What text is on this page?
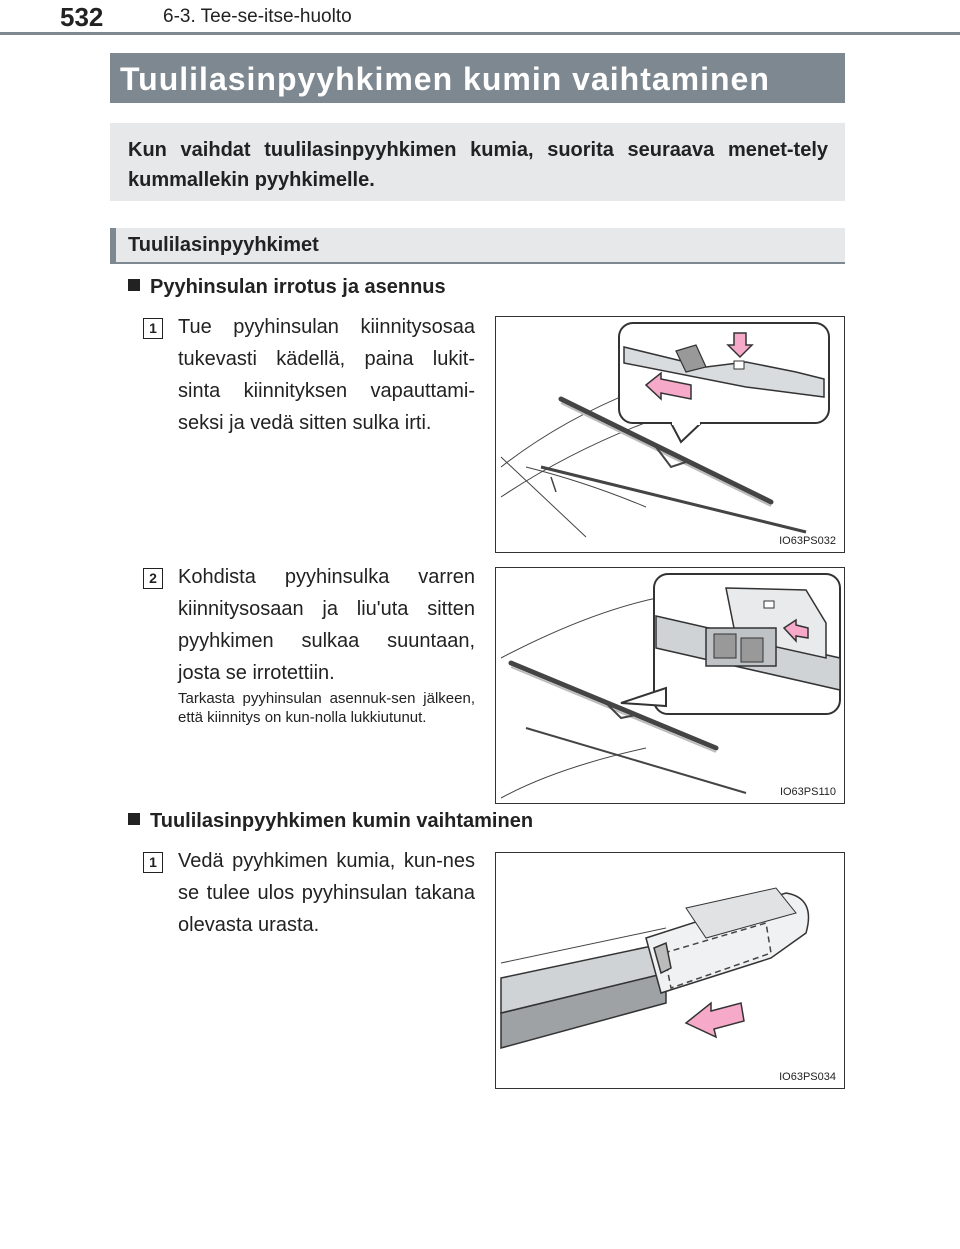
532	6-3. Tee-se-itse-huolto
Tuulilasinpyyhkimen kumin vaihtaminen

Kun vaihdat tuulilasinpyyhkimen kumia, suorita seuraava menet-tely kummallekin pyyhkimelle.

Tuulilasinpyyhkimet
Pyyhinsulan irrotus ja asennus
1	Tue pyyhinsulan kiinnitysosaa tukevasti kädellä, paina lukit-sinta kiinnityksen vapauttami-seksi ja vedä sitten sulka irti.
IO63PS032
2	Kohdista pyyhinsulka varren kiinnitysosaan ja liu'uta sitten pyyhkimen sulkaa suuntaan, josta se irrotettiin.
Tarkasta pyyhinsulan asennuk-sen jälkeen, että kiinnitys on kun-nolla lukkiutunut.
IO63PS110
Tuulilasinpyyhkimen kumin vaihtaminen
1	Vedä pyyhkimen kumia, kun-nes se tulee ulos pyyhinsulan takana olevasta urasta.
IO63PS034
